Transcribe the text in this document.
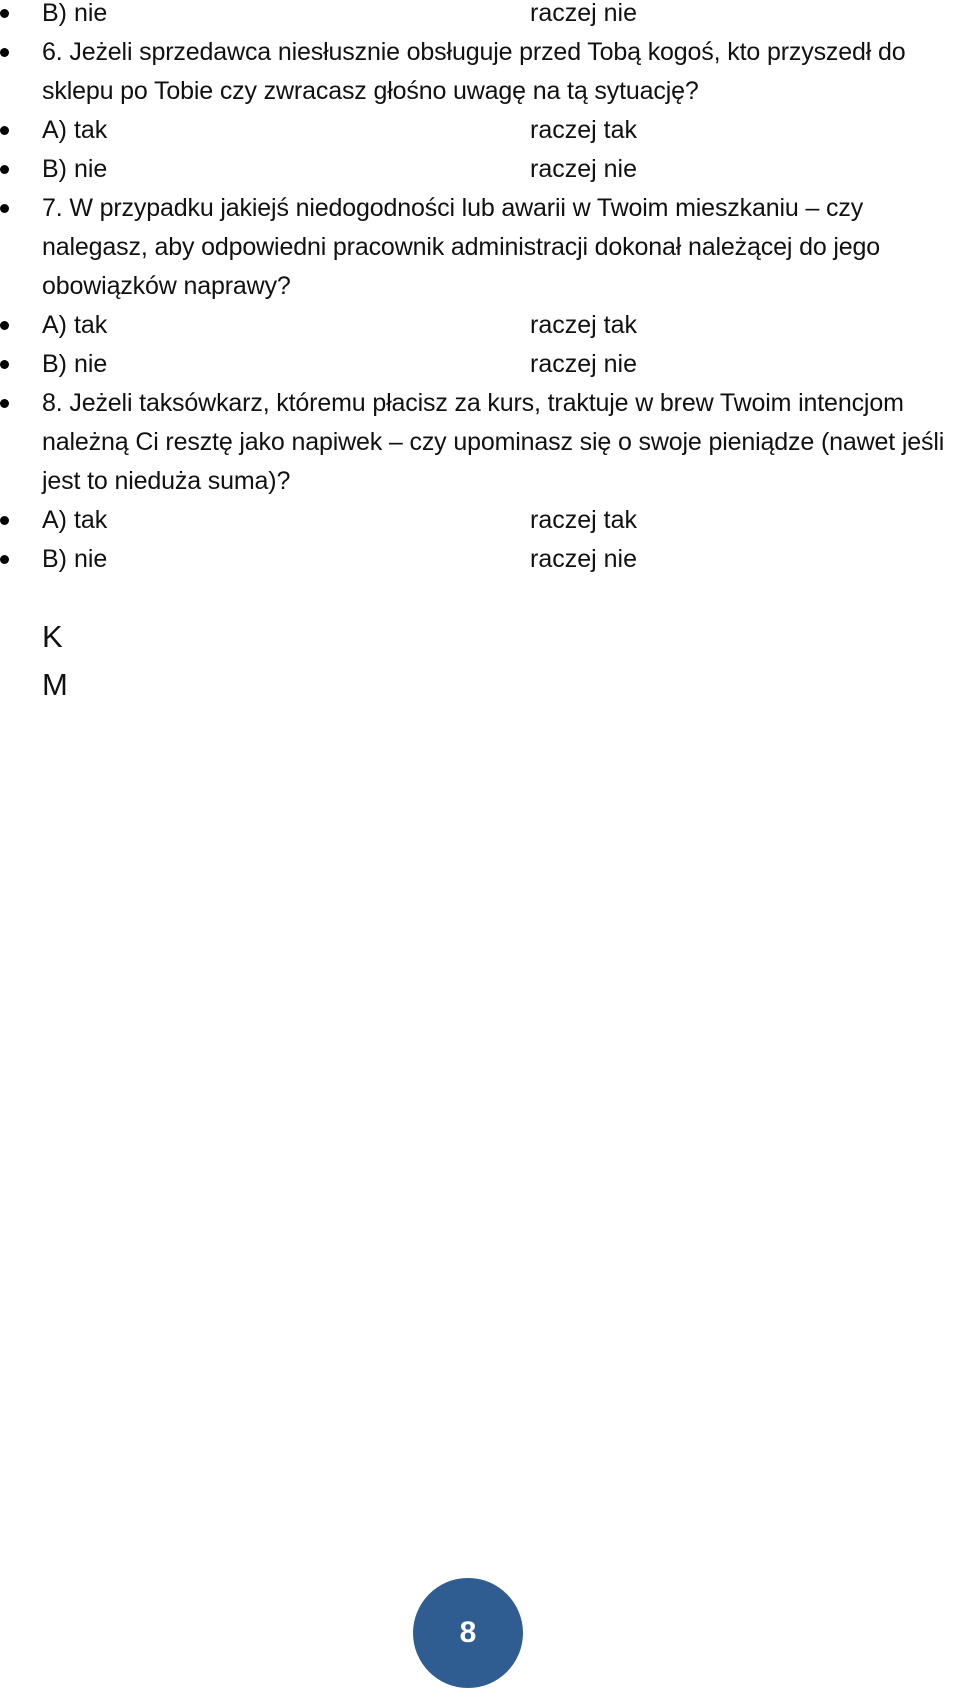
B) nie	raczej nie
6. Jeżeli sprzedawca niesłusznie obsługuje przed Tobą kogoś, kto przyszedł do sklepu po Tobie czy zwracasz głośno uwagę na tą sytuację?
A) tak	raczej tak
B) nie	raczej nie
7. W przypadku jakiejś niedogodności lub awarii w Twoim mieszkaniu – czy nalegasz, aby odpowiedni pracownik administracji dokonał należącej do jego obowiązków naprawy?
A) tak	raczej tak
B) nie	raczej nie
8. Jeżeli taksówkarz, któremu płacisz za kurs, traktuje w brew Twoim intencjom należną Ci resztę jako napiwek – czy upominasz się o swoje pieniądze (nawet jeśli jest to nieduża suma)?
A) tak	raczej tak
B) nie	raczej nie
K
M
8
